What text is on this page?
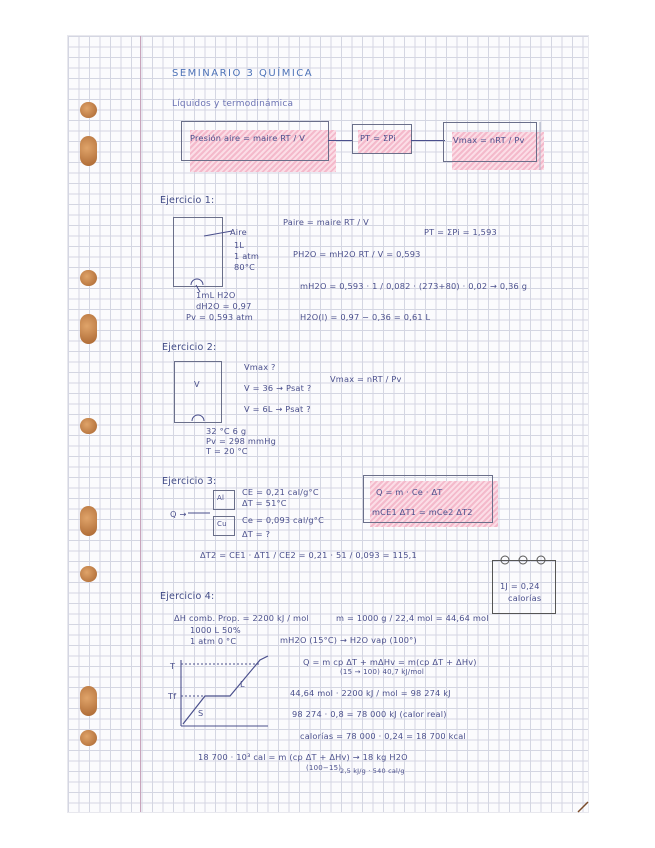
SEMINARIO 3 QUÍMICA
Líquidos y termodinámica
Presión aire = maire RT / V	PT = ΣPi	Vmax = nRT / Pv
Ejercicio 1:
Aire
1L
1 atm
80°C
1mL H2O
dH2O = 0,97
Pv = 0,593 atm
Paire = maire RT / V
PT = ΣPi = 1,593
PH2O = mH2O RT / V = 0,593
mH2O = 0,593 · 1 / 0,082 · (273+80) · 0,02 → 0,36 g
H2O(l) = 0,97 − 0,36 = 0,61 L
Ejercicio 2:
V
Vmax ?
V = 36 → Psat ?
V = 6L → Psat ?
Vmax = nRT / Pv
32 °C 6 g
Pv = 298 mmHg
T = 20 °C
Ejercicio 3:
Q →
Al
Cu
CE = 0,21 cal/g°C
ΔT = 51°C
Ce = 0,093 cal/g°C
ΔT = ?
Q = m · Ce · ΔT
mCE1 ΔT1 = mCe2 ΔT2
ΔT2 = CE1 · ΔT1 / CE2 = 0,21 · 51 / 0,093 = 115,1
1J = 0,24
calorías
Ejercicio 4:
ΔH comb. Prop. = 2200 kJ / mol	m = 1000 g / 22,4 mol = 44,64 mol
1000 L 50%
1 atm 0 °C	mH2O (15°C) → H2O vap (100°)
Q = m cp ΔT + mΔHv = m(cp ΔT + ΔHv)
(15 → 100) 40,7 kJ/mol
44,64 mol · 2200 kJ / mol = 98 274 kJ
98 274 · 0,8 = 78 000 kJ (calor real)
calorías = 78 000 · 0,24 = 18 700 kcal
18 700 · 10³ cal = m (cp ΔT + ΔHv) → 18 kg H2O
(100−15)
2,5 kJ/g · 540 cal/g
T
Tf
S
L
